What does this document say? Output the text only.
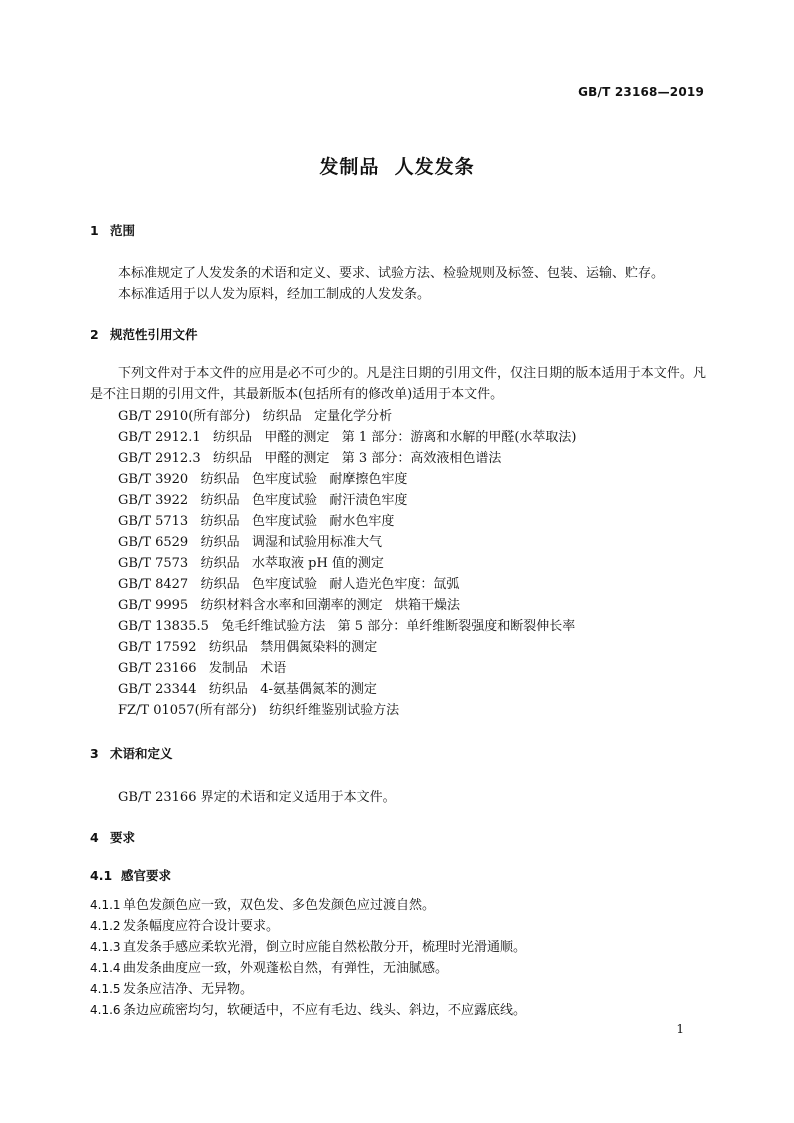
GB/T 23168—2019
发制品  人发发条
1 范围
本标准规定了人发发条的术语和定义、要求、试验方法、检验规则及标签、包装、运输、贮存。
本标准适用于以人发为原料，经加工制成的人发发条。
2 规范性引用文件
下列文件对于本文件的应用是必不可少的。凡是注日期的引用文件，仅注日期的版本适用于本文件。凡是不注日期的引用文件，其最新版本(包括所有的修改单)适用于本文件。
GB/T 2910(所有部分)   纺织品   定量化学分析
GB/T 2912.1   纺织品   甲醛的测定   第 1 部分：游离和水解的甲醛(水萃取法)
GB/T 2912.3   纺织品   甲醛的测定   第 3 部分：高效液相色谱法
GB/T 3920   纺织品   色牢度试验   耐摩擦色牢度
GB/T 3922   纺织品   色牢度试验   耐汗渍色牢度
GB/T 5713   纺织品   色牢度试验   耐水色牢度
GB/T 6529   纺织品   调湿和试验用标准大气
GB/T 7573   纺织品   水萃取液 pH 值的测定
GB/T 8427   纺织品   色牢度试验   耐人造光色牢度：氙弧
GB/T 9995   纺织材料含水率和回潮率的测定   烘箱干燥法
GB/T 13835.5   兔毛纤维试验方法   第 5 部分：单纤维断裂强度和断裂伸长率
GB/T 17592   纺织品   禁用偶氮染料的测定
GB/T 23166   发制品   术语
GB/T 23344   纺织品   4-氨基偶氮苯的测定
FZ/T 01057(所有部分)   纺织纤维鉴别试验方法
3 术语和定义
GB/T 23166 界定的术语和定义适用于本文件。
4 要求
4.1 感官要求
4.1.1 单色发颜色应一致，双色发、多色发颜色应过渡自然。
4.1.2 发条幅度应符合设计要求。
4.1.3 直发条手感应柔软光滑，倒立时应能自然松散分开，梳理时光滑通顺。
4.1.4 曲发条曲度应一致，外观蓬松自然，有弹性，无油腻感。
4.1.5 发条应洁净、无异物。
4.1.6 条边应疏密均匀，软硬适中，不应有毛边、线头、斜边，不应露底线。
1
